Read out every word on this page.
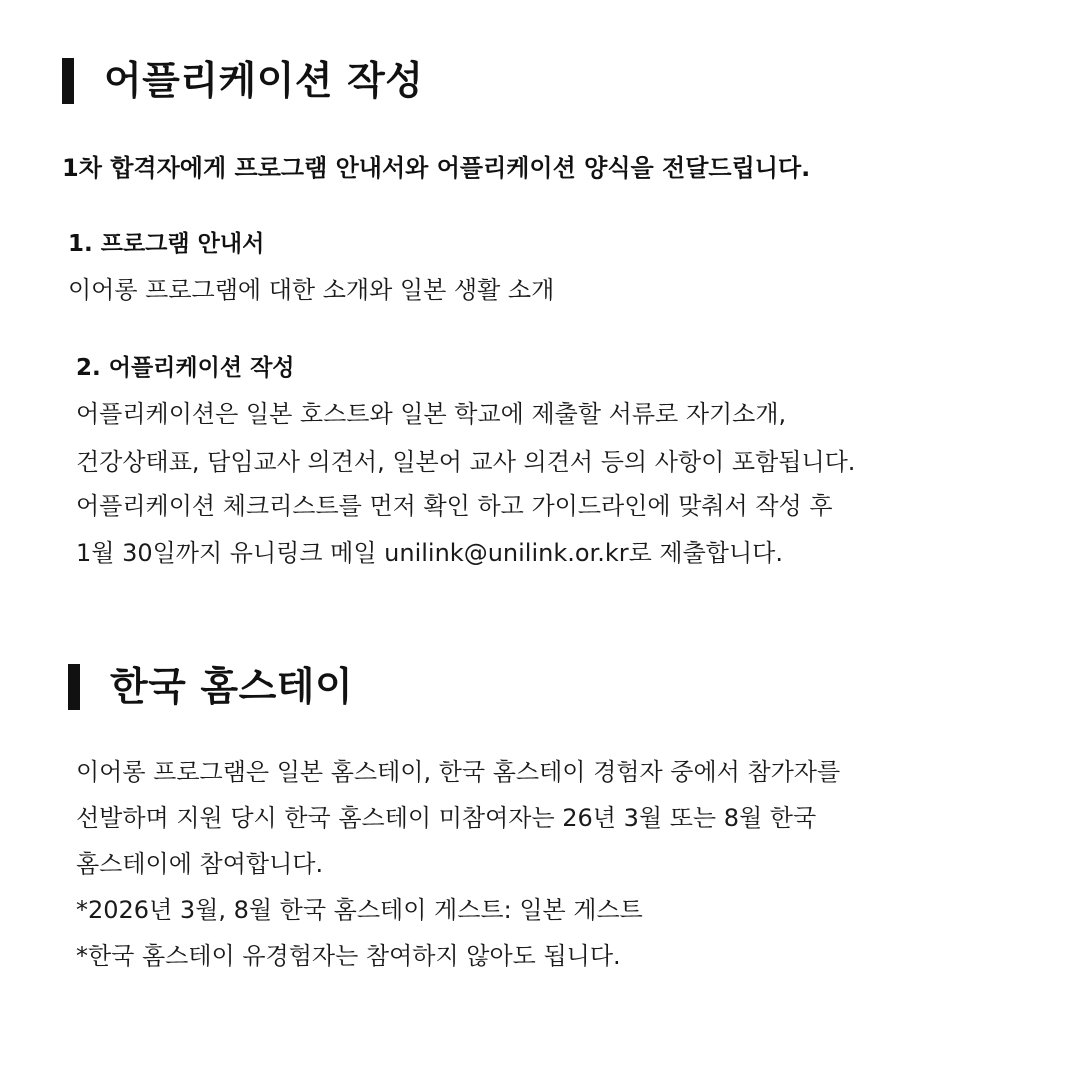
어플리케이션 작성
1차 합격자에게 프로그램 안내서와 어플리케이션 양식을 전달드립니다.
1. 프로그램 안내서
이어롱 프로그램에 대한 소개와 일본 생활 소개
2. 어플리케이션 작성
어플리케이션은 일본 호스트와 일본 학교에 제출할 서류로 자기소개,
건강상태표, 담임교사 의견서, 일본어 교사 의견서 등의 사항이 포함됩니다.
어플리케이션 체크리스트를 먼저 확인 하고 가이드라인에 맞춰서 작성 후
1월 30일까지 유니링크 메일 unilink@unilink.or.kr로 제출합니다.
한국 홈스테이
이어롱 프로그램은 일본 홈스테이, 한국 홈스테이 경험자 중에서 참가자를
선발하며 지원 당시 한국 홈스테이 미참여자는 26년 3월 또는 8월 한국
홈스테이에 참여합니다.
*2026년 3월, 8월 한국 홈스테이 게스트: 일본 게스트
*한국 홈스테이 유경험자는 참여하지 않아도 됩니다.
